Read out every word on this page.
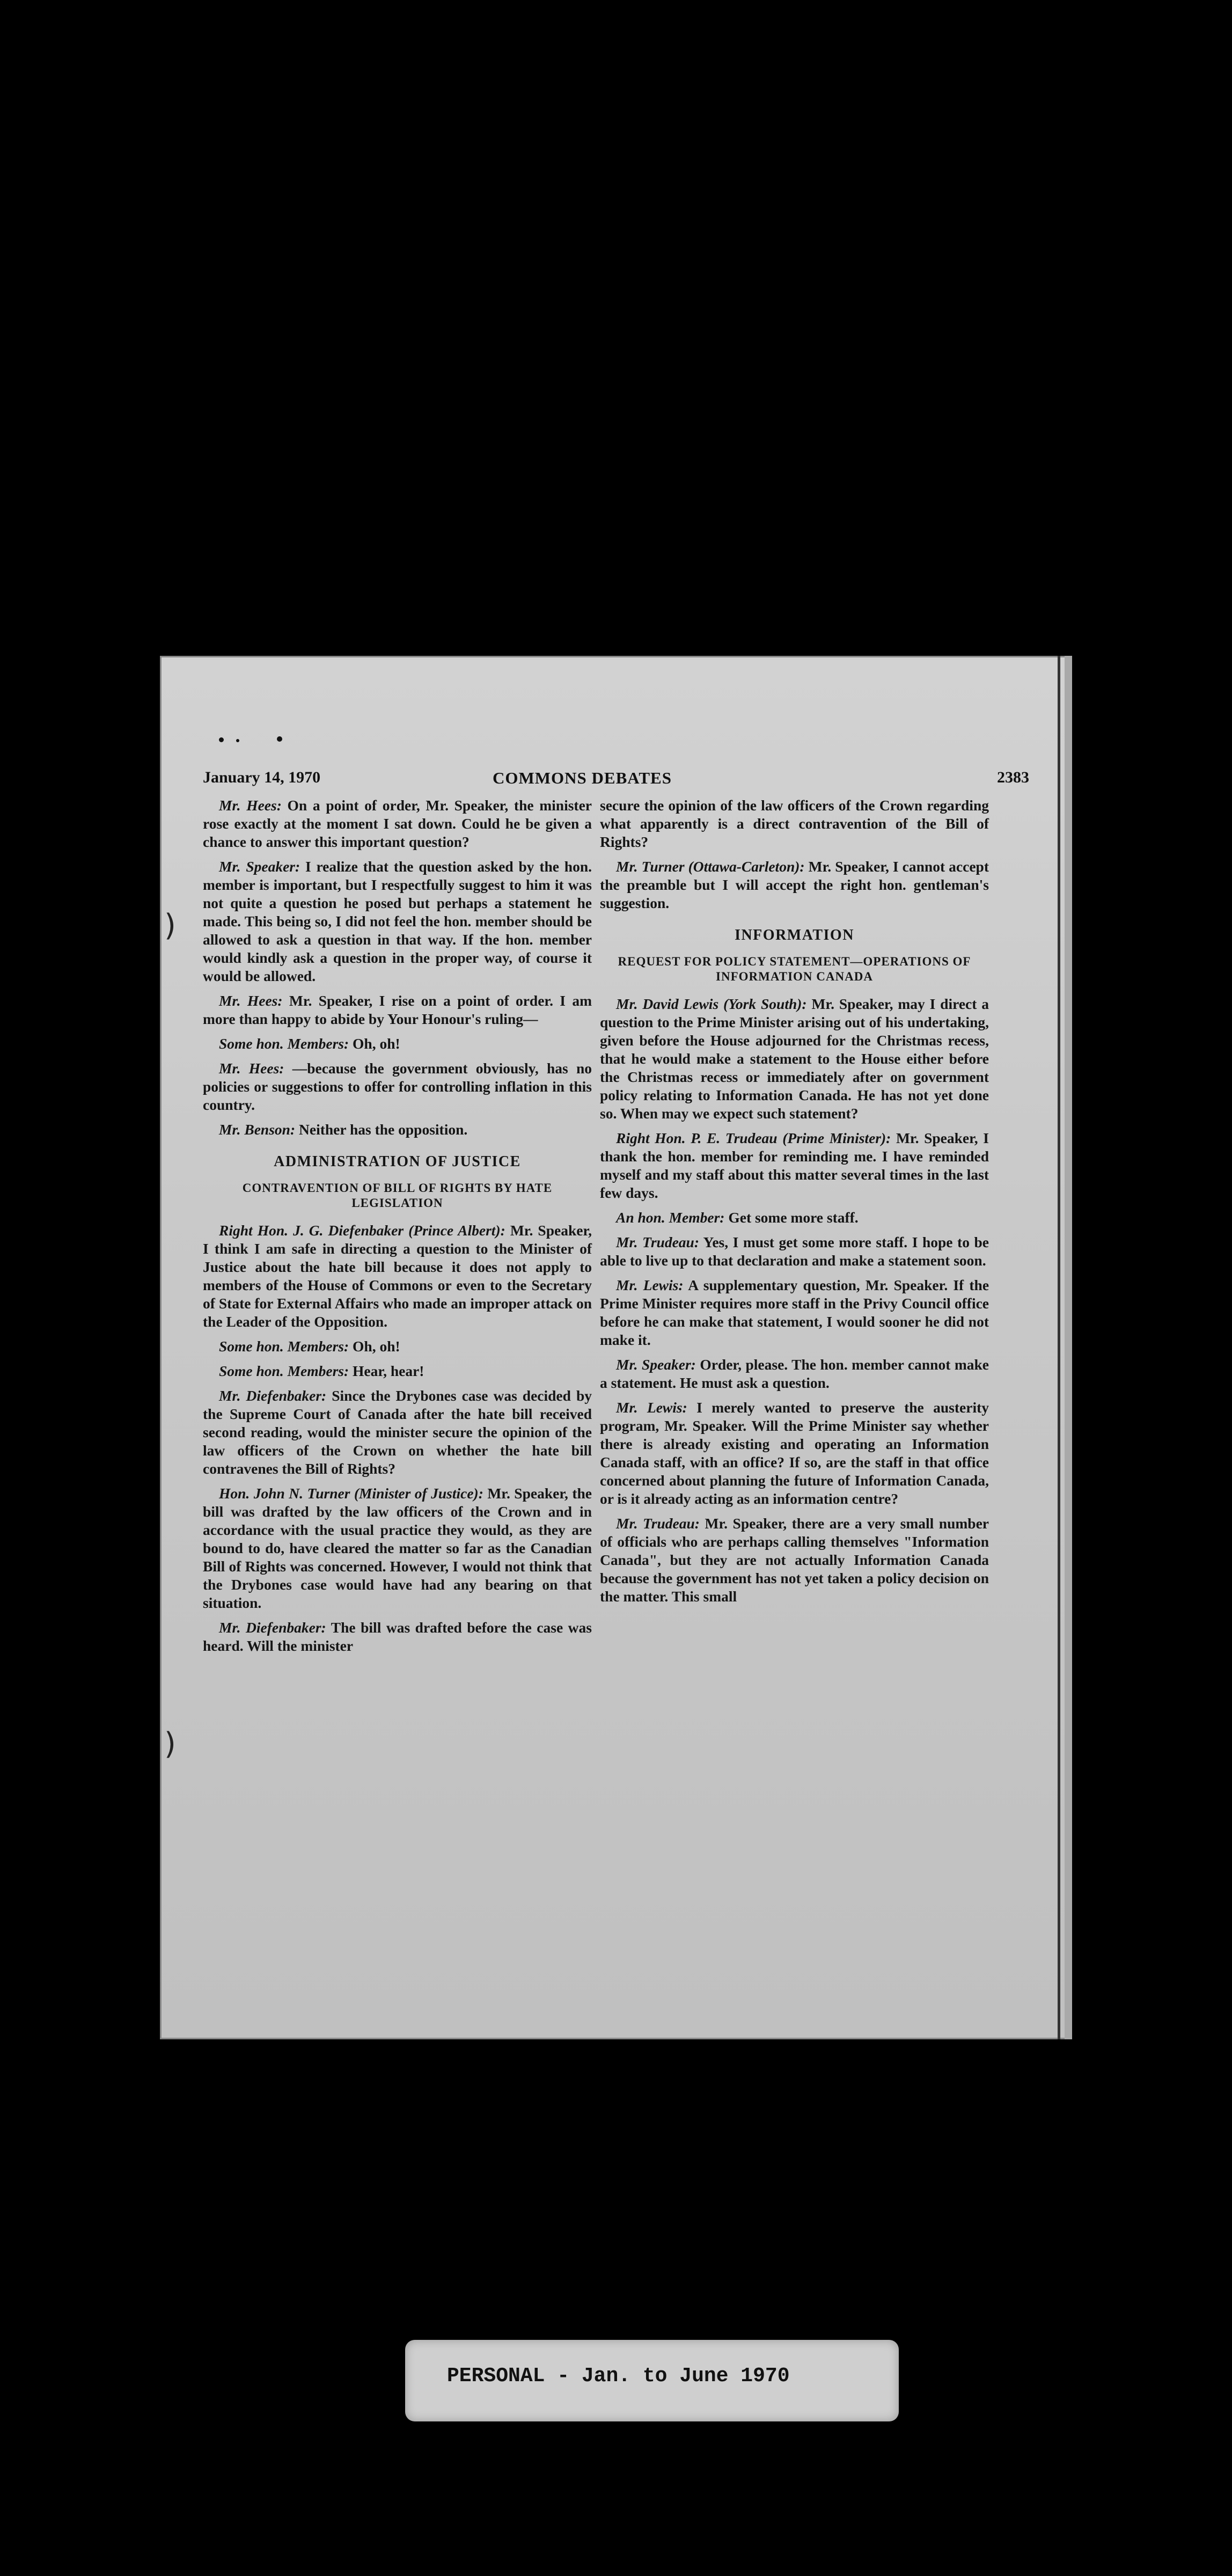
January 14, 1970	COMMONS DEBATES	2383
)
)

Mr. Hees: On a point of order, Mr. Speaker, the minister rose exactly at the moment I sat down. Could he be given a chance to answer this important question?

Mr. Speaker: I realize that the question asked by the hon. member is important, but I respectfully suggest to him it was not quite a question he posed but perhaps a statement he made. This being so, I did not feel the hon. member should be allowed to ask a question in that way. If the hon. member would kindly ask a question in the proper way, of course it would be allowed.

Mr. Hees: Mr. Speaker, I rise on a point of order. I am more than happy to abide by Your Honour's ruling—

Some hon. Members: Oh, oh!

Mr. Hees: —because the government obviously, has no policies or suggestions to offer for controlling inflation in this country.

Mr. Benson: Neither has the opposition.

ADMINISTRATION OF JUSTICE
CONTRAVENTION OF BILL OF RIGHTS BY HATE LEGISLATION

Right Hon. J. G. Diefenbaker (Prince Albert): Mr. Speaker, I think I am safe in directing a question to the Minister of Justice about the hate bill because it does not apply to members of the House of Commons or even to the Secretary of State for External Affairs who made an improper attack on the Leader of the Opposition.

Some hon. Members: Oh, oh!

Some hon. Members: Hear, hear!

Mr. Diefenbaker: Since the Drybones case was decided by the Supreme Court of Canada after the hate bill received second reading, would the minister secure the opinion of the law officers of the Crown on whether the hate bill contravenes the Bill of Rights?

Hon. John N. Turner (Minister of Justice): Mr. Speaker, the bill was drafted by the law officers of the Crown and in accordance with the usual practice they would, as they are bound to do, have cleared the matter so far as the Canadian Bill of Rights was concerned. However, I would not think that the Drybones case would have had any bearing on that situation.

Mr. Diefenbaker: The bill was drafted before the case was heard. Will the minister

secure the opinion of the law officers of the Crown regarding what apparently is a direct contravention of the Bill of Rights?

Mr. Turner (Ottawa-Carleton): Mr. Speaker, I cannot accept the preamble but I will accept the right hon. gentleman's suggestion.

INFORMATION
REQUEST FOR POLICY STATEMENT—OPERATIONS OF INFORMATION CANADA

Mr. David Lewis (York South): Mr. Speaker, may I direct a question to the Prime Minister arising out of his undertaking, given before the House adjourned for the Christmas recess, that he would make a statement to the House either before the Christmas recess or immediately after on government policy relating to Information Canada. He has not yet done so. When may we expect such statement?

Right Hon. P. E. Trudeau (Prime Minister): Mr. Speaker, I thank the hon. member for reminding me. I have reminded myself and my staff about this matter several times in the last few days.

An hon. Member: Get some more staff.

Mr. Trudeau: Yes, I must get some more staff. I hope to be able to live up to that declaration and make a statement soon.

Mr. Lewis: A supplementary question, Mr. Speaker. If the Prime Minister requires more staff in the Privy Council office before he can make that statement, I would sooner he did not make it.

Mr. Speaker: Order, please. The hon. member cannot make a statement. He must ask a question.

Mr. Lewis: I merely wanted to preserve the austerity program, Mr. Speaker. Will the Prime Minister say whether there is already existing and operating an Information Canada staff, with an office? If so, are the staff in that office concerned about planning the future of Information Canada, or is it already acting as an information centre?

Mr. Trudeau: Mr. Speaker, there are a very small number of officials who are perhaps calling themselves "Information Canada", but they are not actually Information Canada because the government has not yet taken a policy decision on the matter. This small

PERSONAL - Jan. to June 1970
